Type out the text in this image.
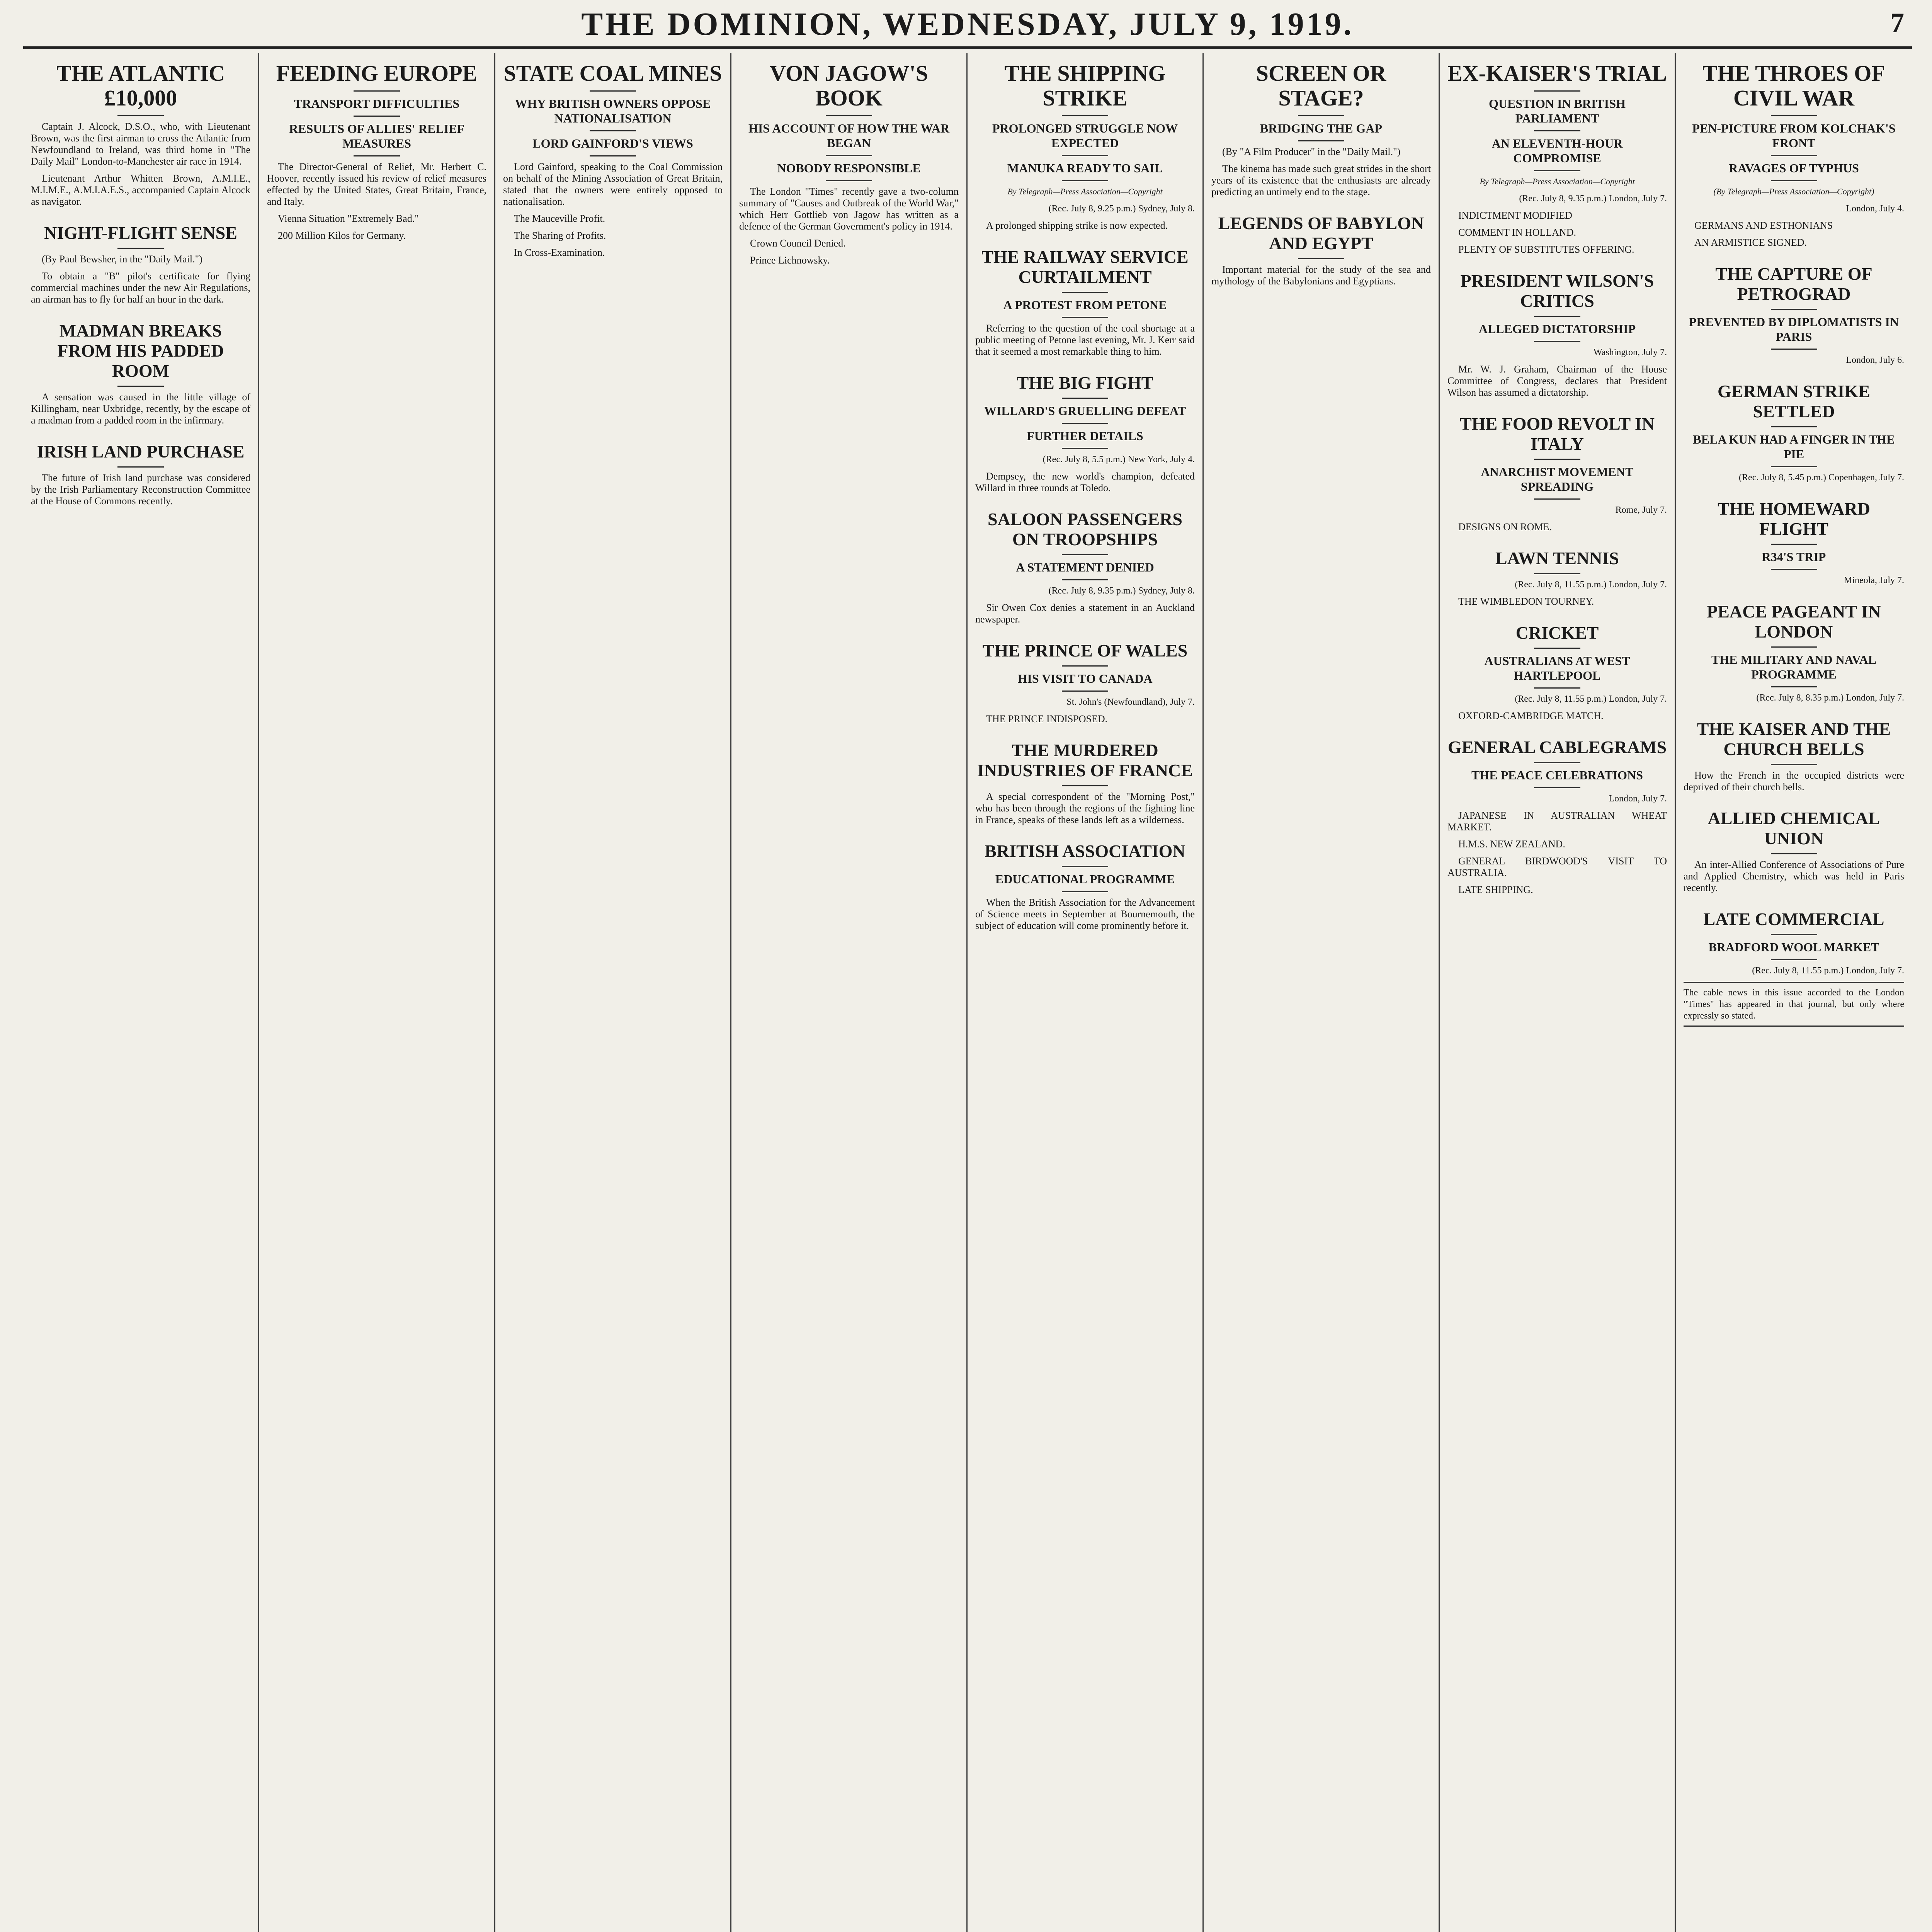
THE DOMINION, WEDNESDAY, JULY 9, 1919.	7
THE ATLANTIC £10,000
Captain J. Alcock, D.S.O., who, with Lieutenant Brown, was the first airman to cross the Atlantic from Newfoundland to Ireland, was third home in "The Daily Mail" London-to-Manchester air race in 1914.
Lieutenant Arthur Whitten Brown, A.M.I.E., M.I.M.E., A.M.I.A.E.S., accompanied Captain Alcock as navigator.
NIGHT-FLIGHT SENSE
(By Paul Bewsher, in the "Daily Mail.")
To obtain a "B" pilot's certificate for flying commercial machines under the new Air Regulations, an airman has to fly for half an hour in the dark.
MADMAN BREAKS FROM HIS PADDED ROOM
A sensation was caused in the little village of Killingham, near Uxbridge, recently, by the escape of a madman from a padded room in the infirmary.
IRISH LAND PURCHASE
The future of Irish land purchase was considered by the Irish Parliamentary Reconstruction Committee at the House of Commons recently.
FEEDING EUROPE
TRANSPORT DIFFICULTIES
RESULTS OF ALLIES' RELIEF MEASURES
The Director-General of Relief, Mr. Herbert C. Hoover, recently issued his review of relief measures effected by the United States, Great Britain, France, and Italy.
Vienna Situation "Extremely Bad."
200 Million Kilos for Germany.
STATE COAL MINES
WHY BRITISH OWNERS OPPOSE NATIONALISATION
LORD GAINFORD'S VIEWS
Lord Gainford, speaking to the Coal Commission on behalf of the Mining Association of Great Britain, stated that the owners were entirely opposed to nationalisation.
The Mauceville Profit.
The Sharing of Profits.
In Cross-Examination.
VON JAGOW'S BOOK
HIS ACCOUNT OF HOW THE WAR BEGAN
NOBODY RESPONSIBLE
The London "Times" recently gave a two-column summary of "Causes and Outbreak of the World War," which Herr Gottlieb von Jagow has written as a defence of the German Government's policy in 1914.
Crown Council Denied.
Prince Lichnowsky.
THE SHIPPING STRIKE
PROLONGED STRUGGLE NOW EXPECTED
MANUKA READY TO SAIL
By Telegraph—Press Association—Copyright
(Rec. July 8, 9.25 p.m.) Sydney, July 8.
A prolonged shipping strike is now expected.
THE RAILWAY SERVICE CURTAILMENT
A PROTEST FROM PETONE
Referring to the question of the coal shortage at a public meeting of Petone last evening, Mr. J. Kerr said that it seemed a most remarkable thing to him.
THE BIG FIGHT
WILLARD'S GRUELLING DEFEAT
FURTHER DETAILS
(Rec. July 8, 5.5 p.m.) New York, July 4.
Dempsey, the new world's champion, defeated Willard in three rounds at Toledo.
SALOON PASSENGERS ON TROOPSHIPS
A STATEMENT DENIED
(Rec. July 8, 9.35 p.m.) Sydney, July 8.
Sir Owen Cox denies a statement in an Auckland newspaper.
THE PRINCE OF WALES
HIS VISIT TO CANADA
St. John's (Newfoundland), July 7.
THE PRINCE INDISPOSED.
THE MURDERED INDUSTRIES OF FRANCE
A special correspondent of the "Morning Post," who has been through the regions of the fighting line in France, speaks of these lands left as a wilderness.
BRITISH ASSOCIATION
EDUCATIONAL PROGRAMME
When the British Association for the Advancement of Science meets in September at Bournemouth, the subject of education will come prominently before it.
SCREEN OR STAGE?
BRIDGING THE GAP
(By "A Film Producer" in the "Daily Mail.")
The kinema has made such great strides in the short years of its existence that the enthusiasts are already predicting an untimely end to the stage.
LEGENDS OF BABYLON AND EGYPT
Important material for the study of the sea and mythology of the Babylonians and Egyptians.
EX-KAISER'S TRIAL
QUESTION IN BRITISH PARLIAMENT
AN ELEVENTH-HOUR COMPROMISE
By Telegraph—Press Association—Copyright
(Rec. July 8, 9.35 p.m.) London, July 7.
INDICTMENT MODIFIED
COMMENT IN HOLLAND.
PLENTY OF SUBSTITUTES OFFERING.
PRESIDENT WILSON'S CRITICS
ALLEGED DICTATORSHIP
Washington, July 7.
Mr. W. J. Graham, Chairman of the House Committee of Congress, declares that President Wilson has assumed a dictatorship.
THE FOOD REVOLT IN ITALY
ANARCHIST MOVEMENT SPREADING
Rome, July 7.
DESIGNS ON ROME.
LAWN TENNIS
(Rec. July 8, 11.55 p.m.) London, July 7.
THE WIMBLEDON TOURNEY.
CRICKET
AUSTRALIANS AT WEST HARTLEPOOL
(Rec. July 8, 11.55 p.m.) London, July 7.
OXFORD-CAMBRIDGE MATCH.
GENERAL CABLEGRAMS
THE PEACE CELEBRATIONS
London, July 7.
JAPANESE IN AUSTRALIAN WHEAT MARKET.
H.M.S. NEW ZEALAND.
GENERAL BIRDWOOD'S VISIT TO AUSTRALIA.
LATE SHIPPING.
THE THROES OF CIVIL WAR
PEN-PICTURE FROM KOLCHAK'S FRONT
RAVAGES OF TYPHUS
(By Telegraph—Press Association—Copyright)
London, July 4.
GERMANS AND ESTHONIANS
AN ARMISTICE SIGNED.
THE CAPTURE OF PETROGRAD
PREVENTED BY DIPLOMATISTS IN PARIS
London, July 6.
GERMAN STRIKE SETTLED
BELA KUN HAD A FINGER IN THE PIE
(Rec. July 8, 5.45 p.m.) Copenhagen, July 7.
THE HOMEWARD FLIGHT
R34'S TRIP
Mineola, July 7.
PEACE PAGEANT IN LONDON
THE MILITARY AND NAVAL PROGRAMME
(Rec. July 8, 8.35 p.m.) London, July 7.
THE KAISER AND THE CHURCH BELLS
How the French in the occupied districts were deprived of their church bells.
ALLIED CHEMICAL UNION
An inter-Allied Conference of Associations of Pure and Applied Chemistry, which was held in Paris recently.
LATE COMMERCIAL
BRADFORD WOOL MARKET
(Rec. July 8, 11.55 p.m.) London, July 7.
The cable news in this issue accorded to the London "Times" has appeared in that journal, but only where expressly so stated.
